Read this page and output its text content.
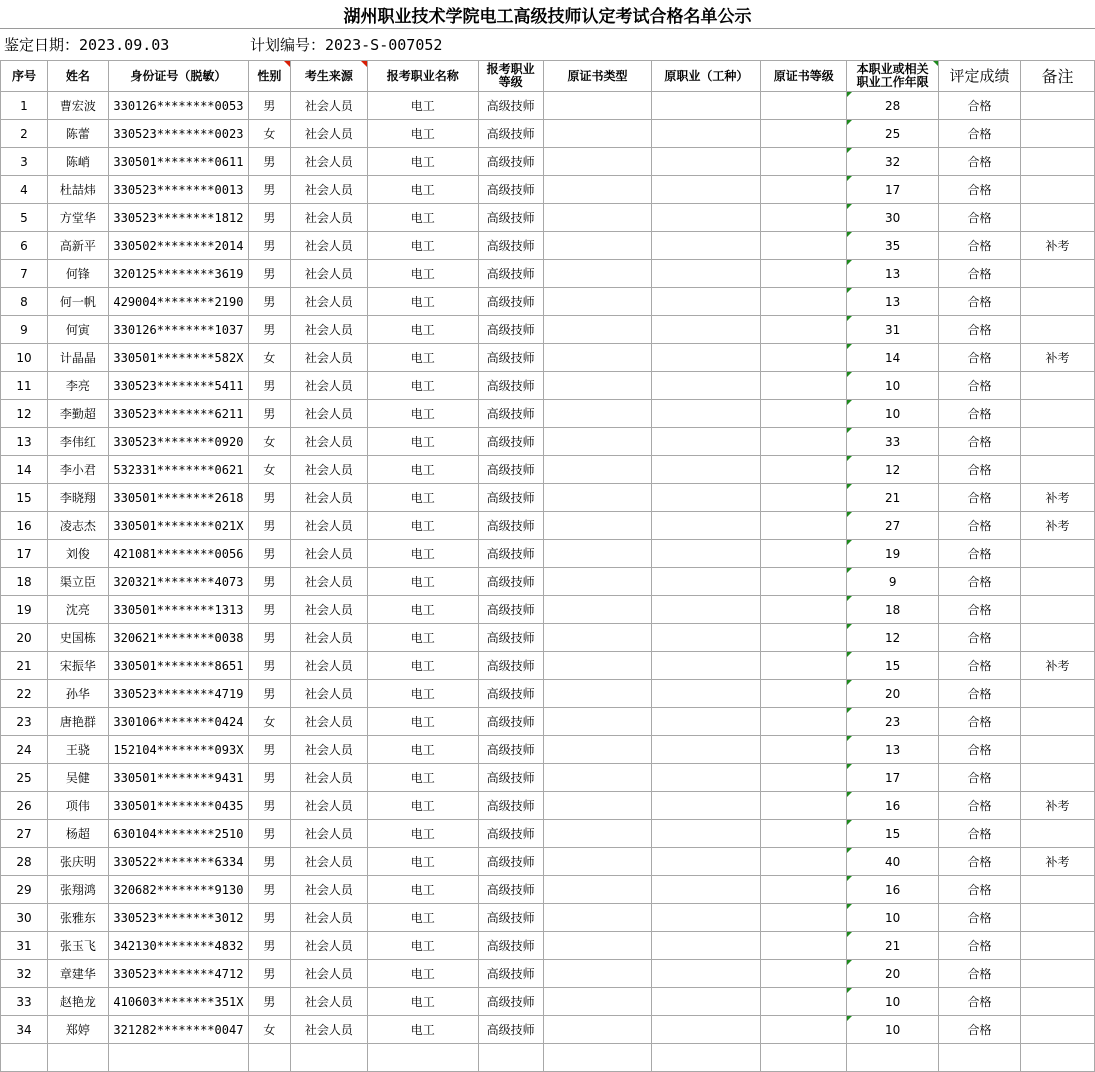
湖州职业技术学院电工高级技师认定考试合格名单公示
鉴定日期： 2023.09.03	计划编号： 2023-S-007052
序号	姓名	身份证号（脱敏）	性别	考生来源	报考职业名称	报考职业
等级	原证书类型	原职业（工种）	原证书等级	本职业或相关
职业工作年限	评定成绩	备注
1	曹宏波	330126********0053	男	社会人员	电工	高级技师				28	合格	
2	陈蕾	330523********0023	女	社会人员	电工	高级技师				25	合格	
3	陈峭	330501********0611	男	社会人员	电工	高级技师				32	合格	
4	杜喆炜	330523********0013	男	社会人员	电工	高级技师				17	合格	
5	方堂华	330523********1812	男	社会人员	电工	高级技师				30	合格	
6	高新平	330502********2014	男	社会人员	电工	高级技师				35	合格	补考
7	何锋	320125********3619	男	社会人员	电工	高级技师				13	合格	
8	何一帆	429004********2190	男	社会人员	电工	高级技师				13	合格	
9	何寅	330126********1037	男	社会人员	电工	高级技师				31	合格	
10	计晶晶	330501********582X	女	社会人员	电工	高级技师				14	合格	补考
11	李亮	330523********5411	男	社会人员	电工	高级技师				10	合格	
12	李勤超	330523********6211	男	社会人员	电工	高级技师				10	合格	
13	李伟红	330523********0920	女	社会人员	电工	高级技师				33	合格	
14	李小君	532331********0621	女	社会人员	电工	高级技师				12	合格	
15	李晓翔	330501********2618	男	社会人员	电工	高级技师				21	合格	补考
16	凌志杰	330501********021X	男	社会人员	电工	高级技师				27	合格	补考
17	刘俊	421081********0056	男	社会人员	电工	高级技师				19	合格	
18	渠立臣	320321********4073	男	社会人员	电工	高级技师				9	合格	
19	沈亮	330501********1313	男	社会人员	电工	高级技师				18	合格	
20	史国栋	320621********0038	男	社会人员	电工	高级技师				12	合格	
21	宋振华	330501********8651	男	社会人员	电工	高级技师				15	合格	补考
22	孙华	330523********4719	男	社会人员	电工	高级技师				20	合格	
23	唐艳群	330106********0424	女	社会人员	电工	高级技师				23	合格	
24	王骁	152104********093X	男	社会人员	电工	高级技师				13	合格	
25	吴健	330501********9431	男	社会人员	电工	高级技师				17	合格	
26	项伟	330501********0435	男	社会人员	电工	高级技师				16	合格	补考
27	杨超	630104********2510	男	社会人员	电工	高级技师				15	合格	
28	张庆明	330522********6334	男	社会人员	电工	高级技师				40	合格	补考
29	张翔鸿	320682********9130	男	社会人员	电工	高级技师				16	合格	
30	张雅东	330523********3012	男	社会人员	电工	高级技师				10	合格	
31	张玉飞	342130********4832	男	社会人员	电工	高级技师				21	合格	
32	章建华	330523********4712	男	社会人员	电工	高级技师				20	合格	
33	赵艳龙	410603********351X	男	社会人员	电工	高级技师				10	合格	
34	郑婷	321282********0047	女	社会人员	电工	高级技师				10	合格	
